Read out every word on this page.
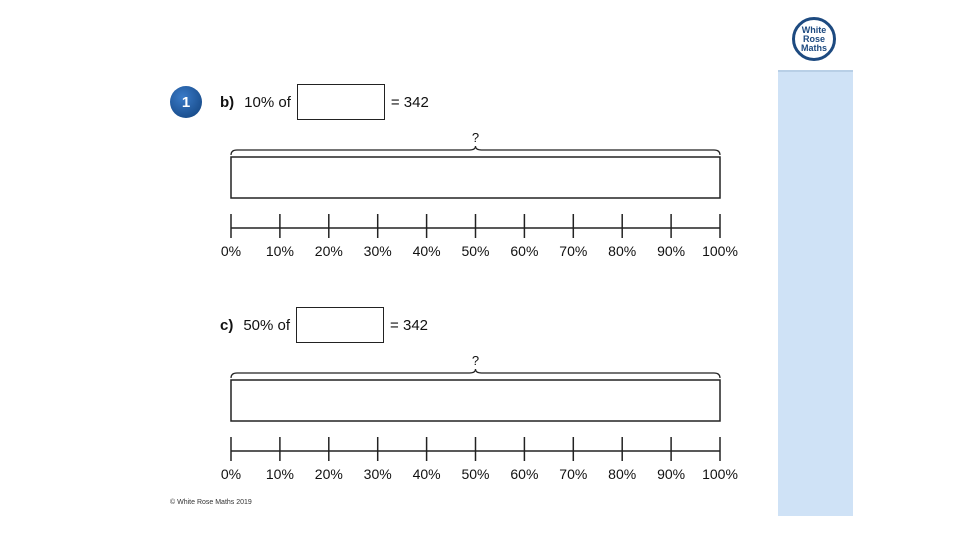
White
Rose
Maths
1	b) 10% of	= 342
c) 50% of	= 342
?
0% 10% 20% 30% 40% 50% 60% 70% 80% 90% 100%
?
0% 10% 20% 30% 40% 50% 60% 70% 80% 90% 100%
© White Rose Maths 2019
